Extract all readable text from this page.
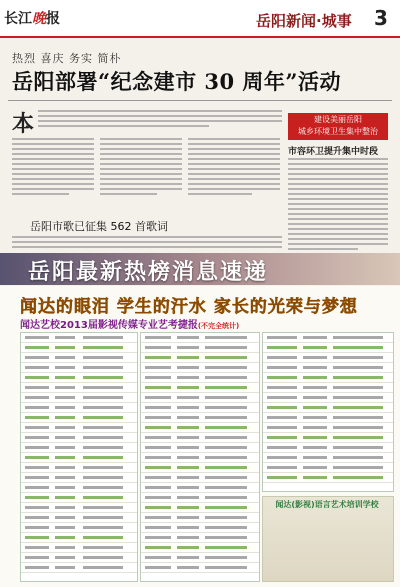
长江晚报	岳阳新闻·城事 3
热烈 喜庆 务实 简朴
岳阳部署“纪念建市 30 周年”活动
本	建设美丽岳阳
城乡环境卫生集中整治
市容环卫提升集中时段
岳阳市歌已征集 562 首歌词
岳阳最新热榜消息速递
闻达的眼泪 学生的汗水 家长的光荣与梦想
闻达艺校2013届影视传媒专业艺考捷报(不完全统计)
闻达(影视)语言艺术培训学校
